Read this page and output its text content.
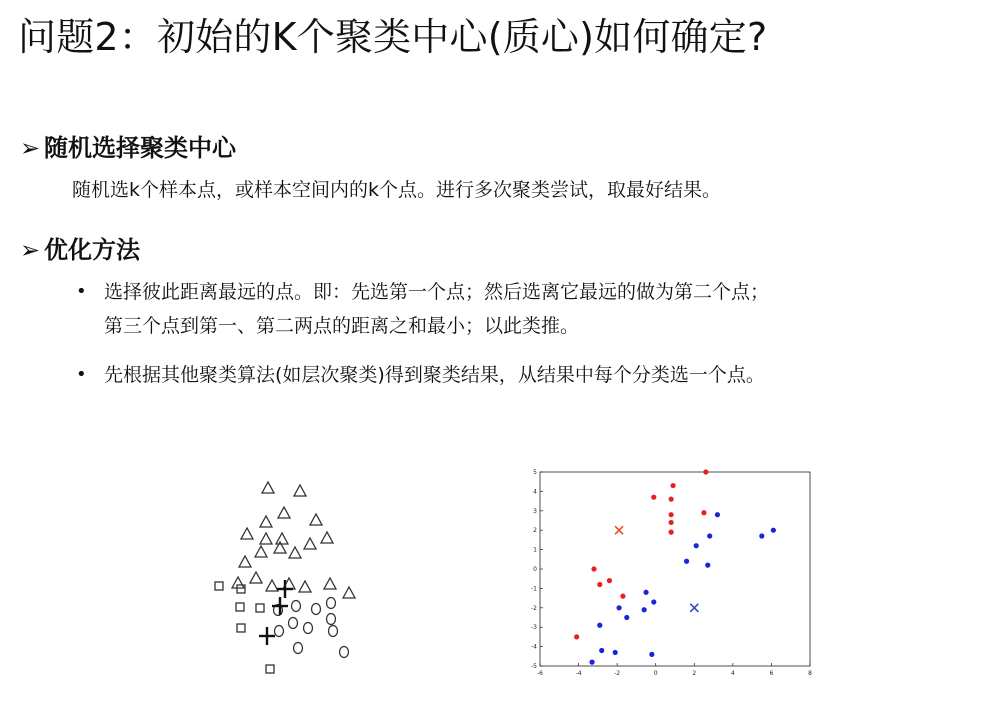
问题2：初始的K个聚类中心(质心)如何确定?
➢ 随机选择聚类中心
随机选k个样本点，或样本空间内的k个点。进行多次聚类尝试，取最好结果。
➢ 优化方法
• 选择彼此距离最远的点。即：先选第一个点；然后选离它最远的做为第二个点；
第三个点到第一、第二两点的距离之和最小；以此类推。
• 先根据其他聚类算法(如层次聚类)得到聚类结果，从结果中每个分类选一个点。
-6	-4	-2	0	2	4	6	8
5
4
3
2
1
0
-1
-2
-3
-4
-5
